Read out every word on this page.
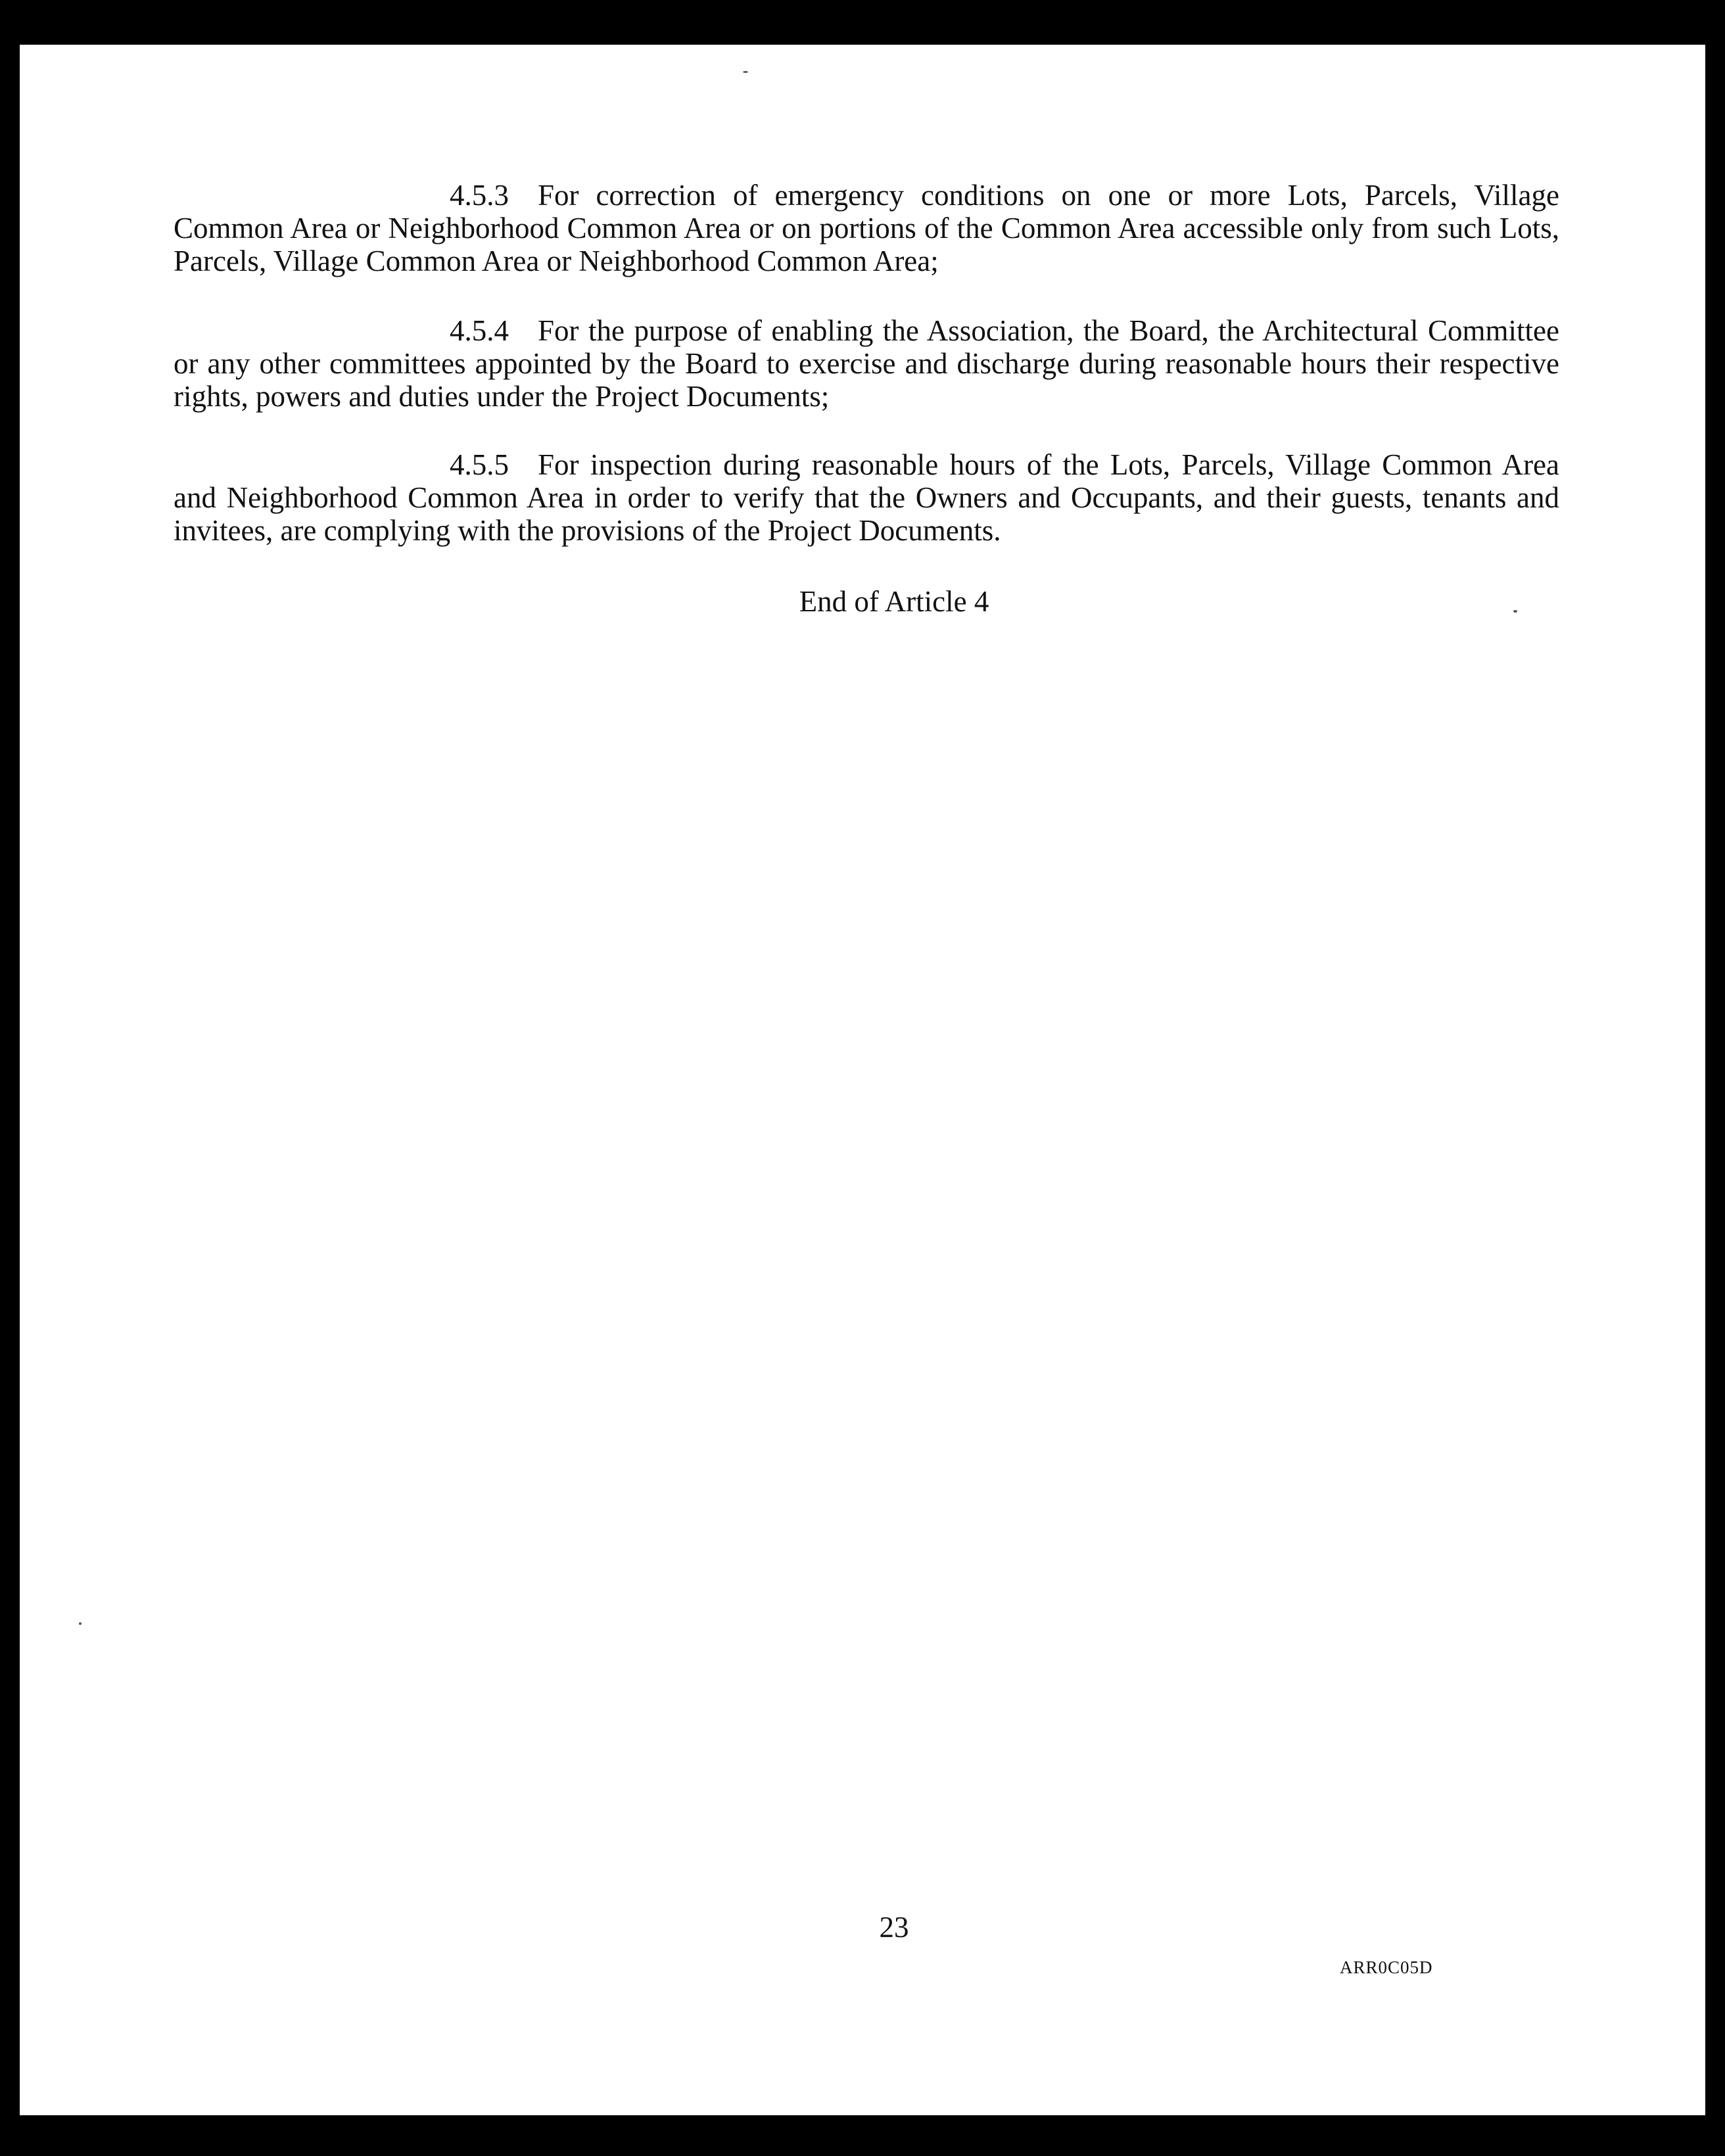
4.5.3 For correction of emergency conditions on one or more Lots, Parcels, Village Common Area or Neighborhood Common Area or on portions of the Common Area accessible only from such Lots, Parcels, Village Common Area or Neighborhood Common Area;

4.5.4 For the purpose of enabling the Association, the Board, the Architectural Committee or any other committees appointed by the Board to exercise and discharge during reasonable hours their respective rights, powers and duties under the Project Documents;

4.5.5 For inspection during reasonable hours of the Lots, Parcels, Village Common Area and Neighborhood Common Area in order to verify that the Owners and Occupants, and their guests, tenants and invitees, are complying with the provisions of the Project Documents.

End of Article 4
23
ARR0C05D
